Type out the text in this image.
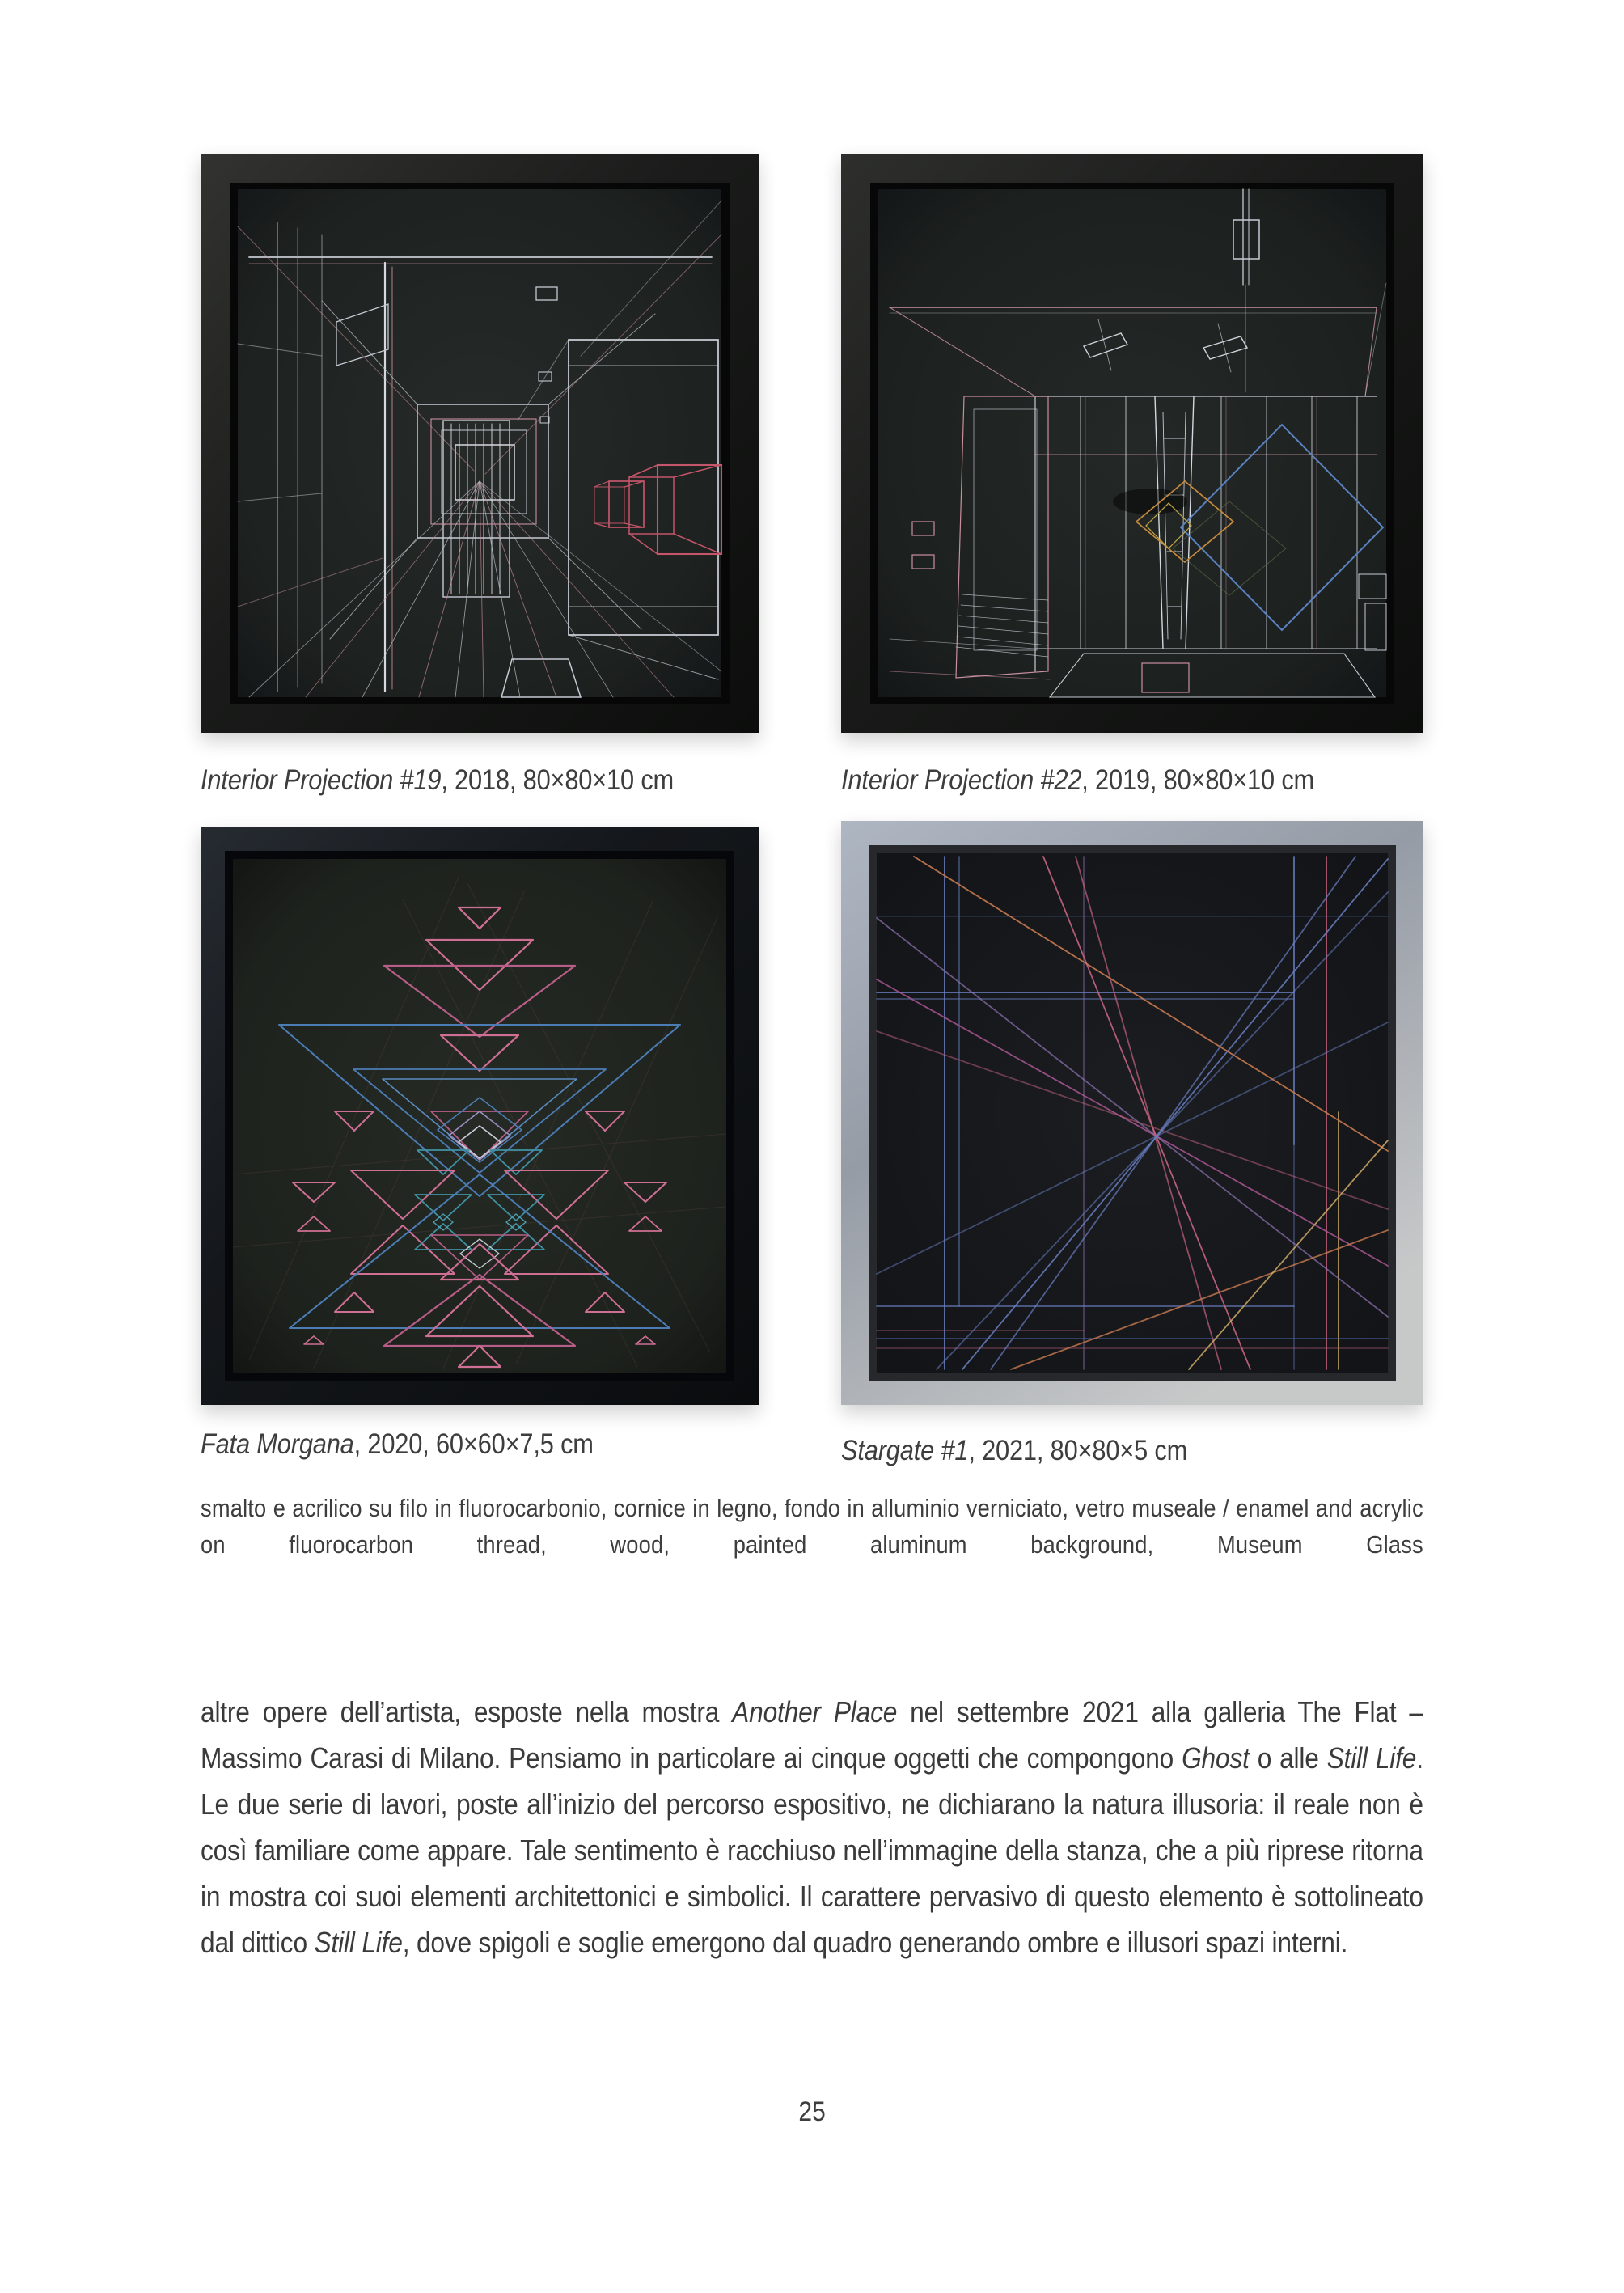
Interior Projection #19, 2018, 80×80×10 cm	Interior Projection #22, 2019, 80×80×10 cm
Fata Morgana, 2020, 60×60×7,5 cm	Stargate #1, 2021, 80×80×5 cm
smalto e acrilico su filo in fluorocarbonio, cornice in legno, fondo in alluminio verniciato, vetro museale / enamel and acrylic on fluorocarbon thread, wood, painted aluminum background, Museum Glass

altre opere dell’artista, esposte nella mostra Another Place nel settembre 2021 alla galleria The Flat – Massimo Carasi di Milano. Pensiamo in particolare ai cinque oggetti che compongono Ghost o alle Still Life. Le due serie di lavori, poste all’inizio del percorso espositivo, ne dichiarano la natura illusoria: il reale non è così familiare come appare. Tale sentimento è racchiuso nell’immagine della stanza, che a più riprese ritorna in mostra coi suoi elementi architettonici e simbolici. Il carattere pervasivo di questo elemento è sottolineato dal dittico Still Life, dove spigoli e soglie emergono dal quadro generando ombre e illusori spazi interni.

25
